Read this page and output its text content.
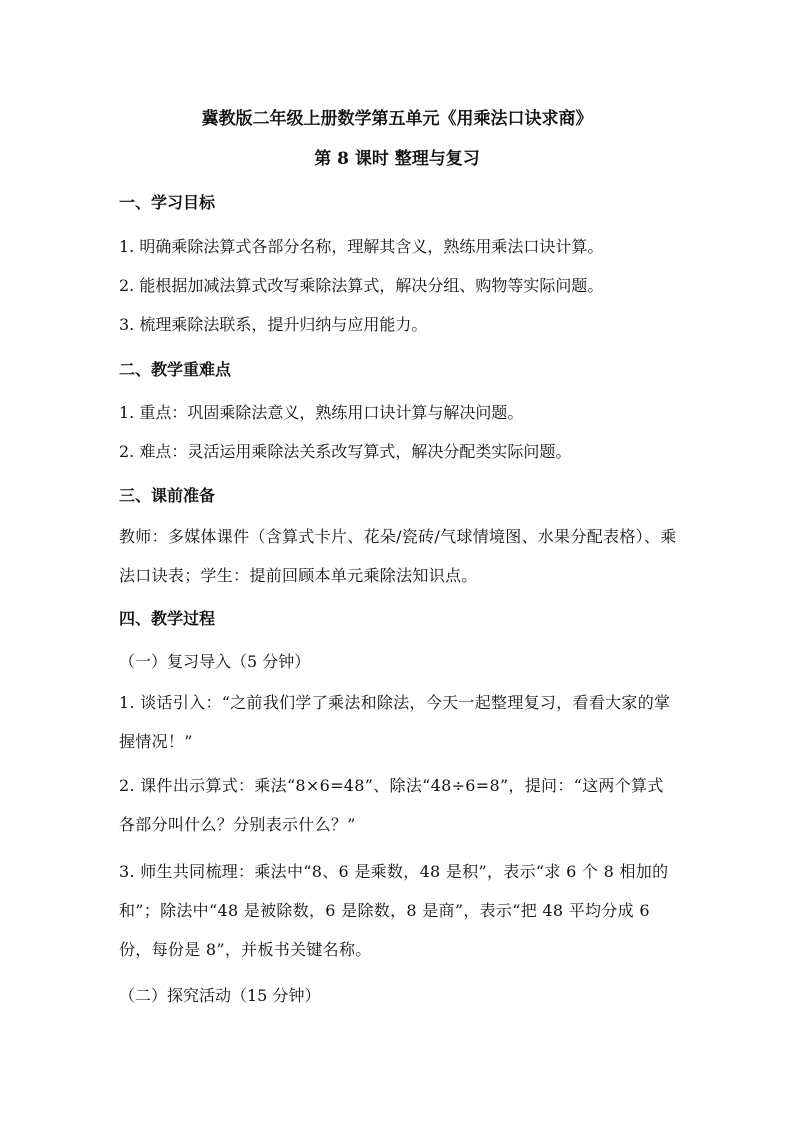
冀教版二年级上册数学第五单元《用乘法口诀求商》
第 8 课时 整理与复习
一、学习目标

1. 明确乘除法算式各部分名称，理解其含义，熟练用乘法口诀计算。

2. 能根据加减法算式改写乘除法算式，解决分组、购物等实际问题。

3. 梳理乘除法联系，提升归纳与应用能力。

二、教学重难点

1. 重点：巩固乘除法意义，熟练用口诀计算与解决问题。

2. 难点：灵活运用乘除法关系改写算式，解决分配类实际问题。

三、课前准备

教师：多媒体课件（含算式卡片、花朵/瓷砖/气球情境图、水果分配表格）、乘法口诀表；学生：提前回顾本单元乘除法知识点。

四、教学过程

（一）复习导入（5 分钟）

1. 谈话引入：“之前我们学了乘法和除法，今天一起整理复习，看看大家的掌握情况！”

2. 课件出示算式：乘法“8×6=48”、除法“48÷6=8”，提问：“这两个算式各部分叫什么？分别表示什么？”

3. 师生共同梳理：乘法中“8、6 是乘数，48 是积”，表示“求 6 个 8 相加的和”；除法中“48 是被除数，6 是除数，8 是商”，表示“把 48 平均分成 6 份，每份是 8”，并板书关键名称。

（二）探究活动（15 分钟）
